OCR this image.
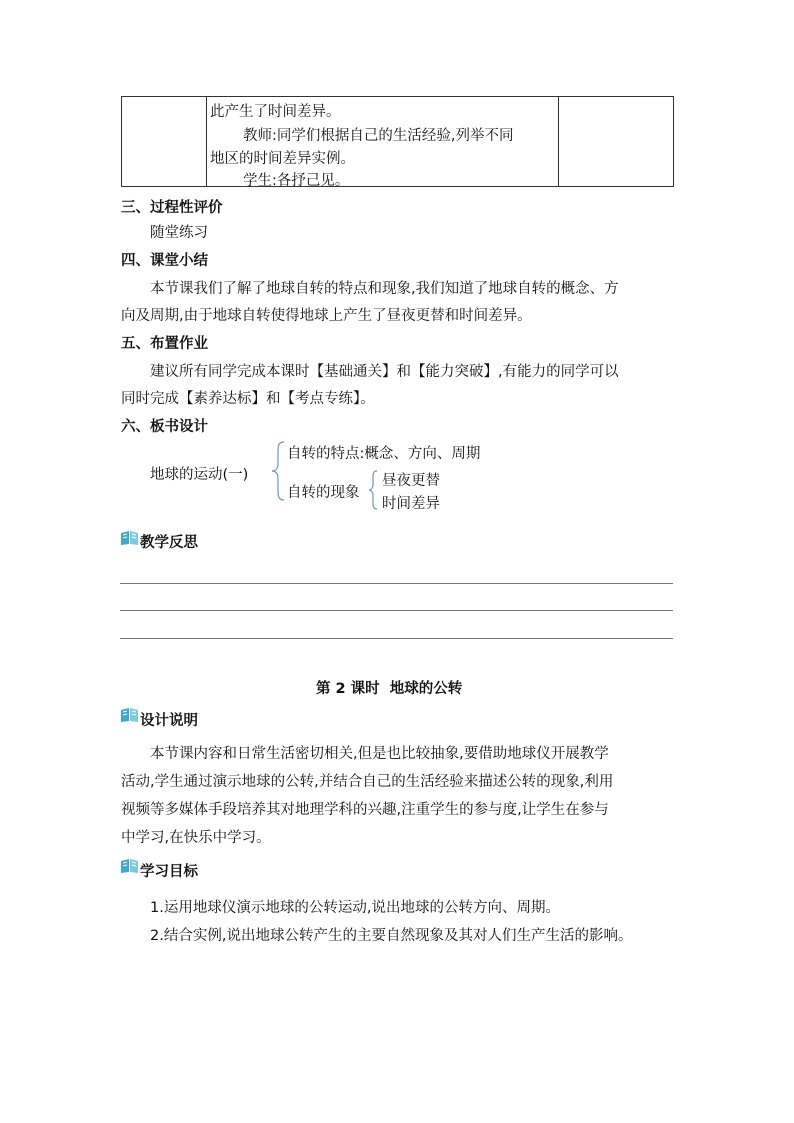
此产生了时间差异。
教师:同学们根据自己的生活经验,列举不同
地区的时间差异实例。
学生:各抒己见。
三、过程性评价
随堂练习
四、课堂小结
本节课我们了解了地球自转的特点和现象,我们知道了地球自转的概念、方
向及周期,由于地球自转使得地球上产生了昼夜更替和时间差异。
五、布置作业
建议所有同学完成本课时【基础通关】和【能力突破】,有能力的同学可以
同时完成【素养达标】和【考点专练】。
六、板书设计
地球的运动(一)
自转的特点:概念、方向、周期
自转的现象
昼夜更替
时间差异
教学反思
第 2 课时  地球的公转
设计说明
本节课内容和日常生活密切相关,但是也比较抽象,要借助地球仪开展教学
活动,学生通过演示地球的公转,并结合自己的生活经验来描述公转的现象,利用
视频等多媒体手段培养其对地理学科的兴趣,注重学生的参与度,让学生在参与
中学习,在快乐中学习。
学习目标
1.运用地球仪演示地球的公转运动,说出地球的公转方向、周期。
2.结合实例,说出地球公转产生的主要自然现象及其对人们生产生活的影响。
